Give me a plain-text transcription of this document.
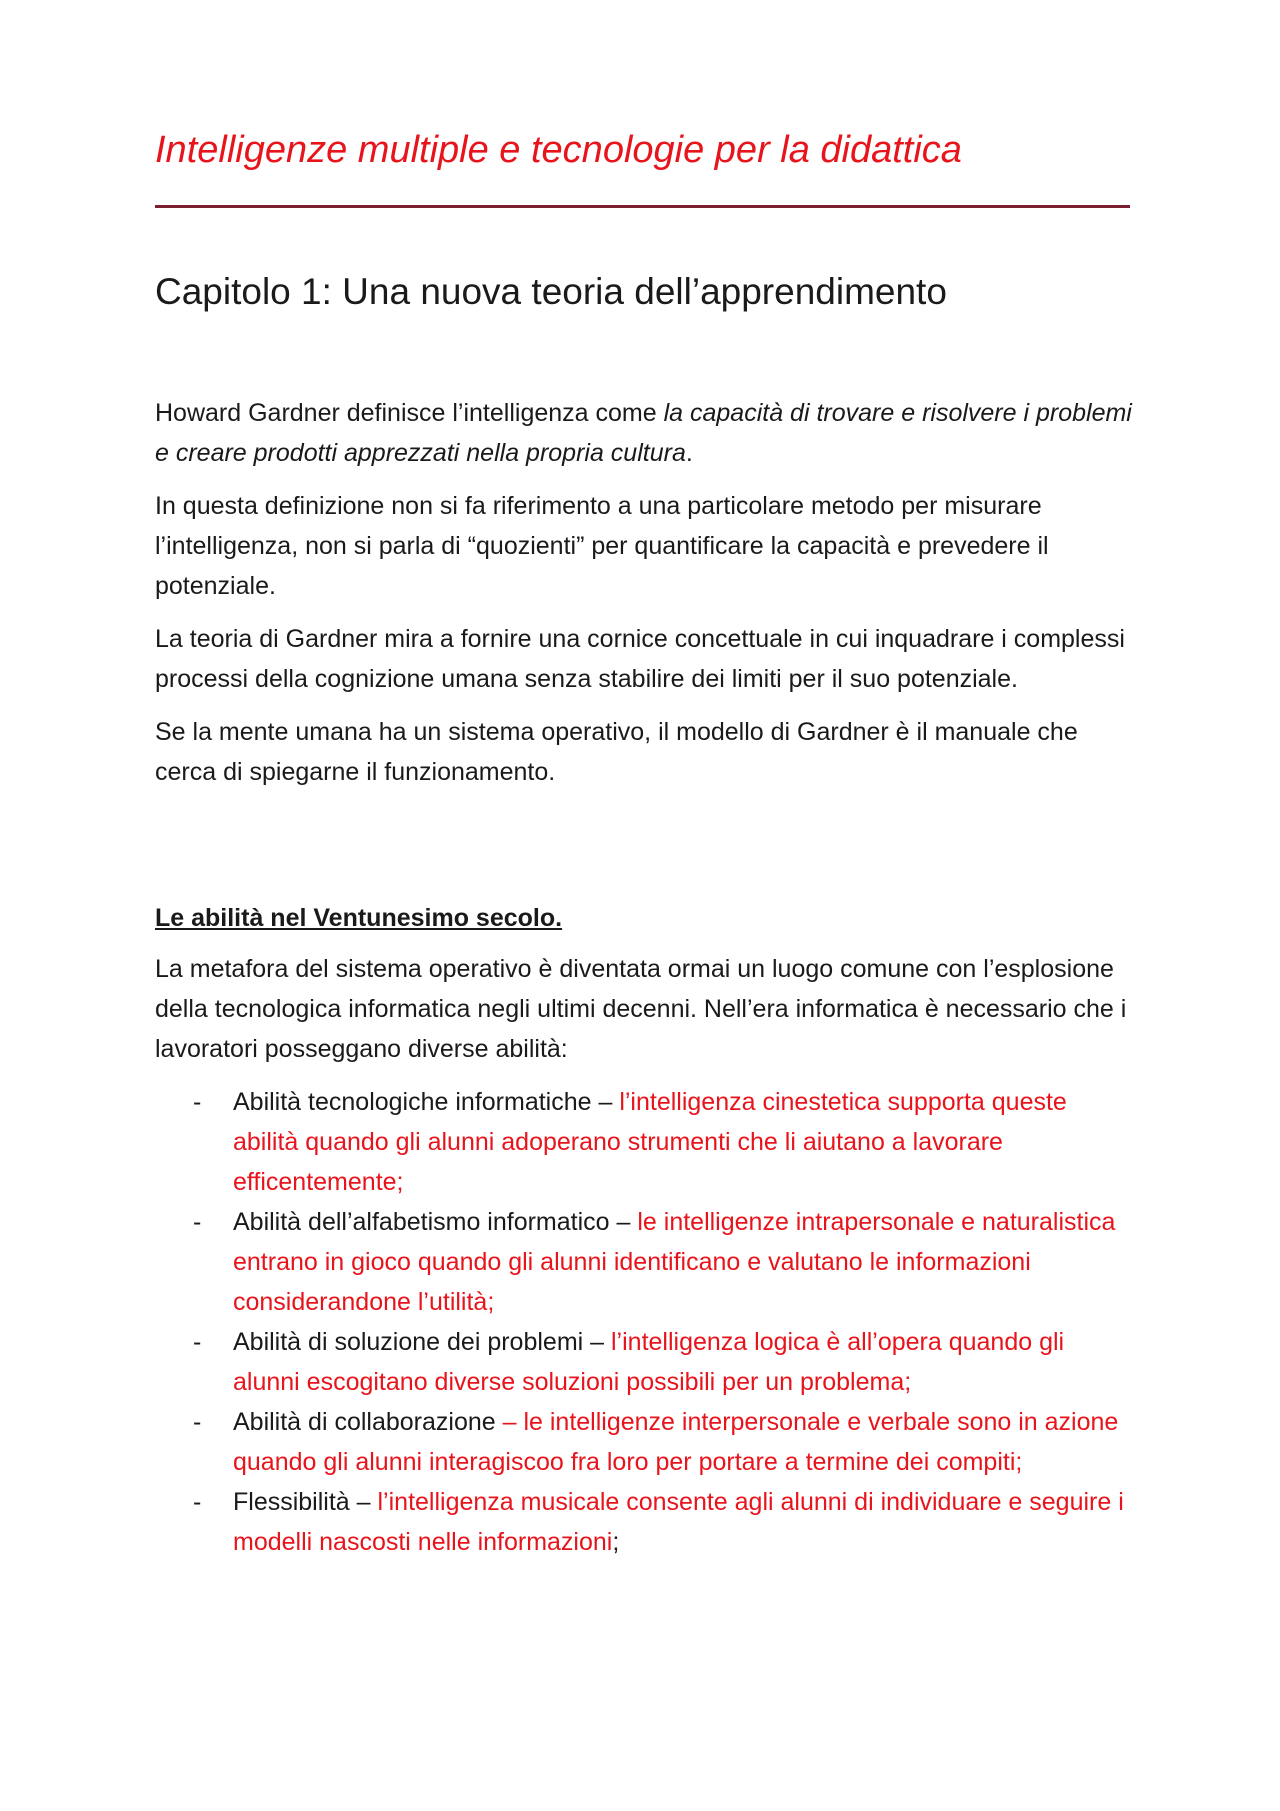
Intelligenze multiple e tecnologie per la didattica
Capitolo 1: Una nuova teoria dell’apprendimento

Howard Gardner definisce l’intelligenza come la capacità di trovare e risolvere i problemi e creare prodotti apprezzati nella propria cultura.

In questa definizione non si fa riferimento a una particolare metodo per misurare l’intelligenza, non si parla di “quozienti” per quantificare la capacità e prevedere il potenziale.

La teoria di Gardner mira a fornire una cornice concettuale in cui inquadrare i complessi processi della cognizione umana senza stabilire dei limiti per il suo potenziale.

Se la mente umana ha un sistema operativo, il modello di Gardner è il manuale che cerca di spiegarne il funzionamento.

Le abilità nel Ventunesimo secolo.

La metafora del sistema operativo è diventata ormai un luogo comune con l’esplosione della tecnologica informatica negli ultimi decenni. Nell’era informatica è necessario che i lavoratori posseggano diverse abilità:

- Abilità tecnologiche informatiche – l’intelligenza cinestetica supporta queste abilità quando gli alunni adoperano strumenti che li aiutano a lavorare efficentemente;
- Abilità dell’alfabetismo informatico – le intelligenze intrapersonale e naturalistica entrano in gioco quando gli alunni identificano e valutano le informazioni considerandone l’utilità;
- Abilità di soluzione dei problemi – l’intelligenza logica è all’opera quando gli alunni escogitano diverse soluzioni possibili per un problema;
- Abilità di collaborazione – le intelligenze interpersonale e verbale sono in azione quando gli alunni interagiscoo fra loro per portare a termine dei compiti;
- Flessibilità – l’intelligenza musicale consente agli alunni di individuare e seguire i modelli nascosti nelle informazioni;
